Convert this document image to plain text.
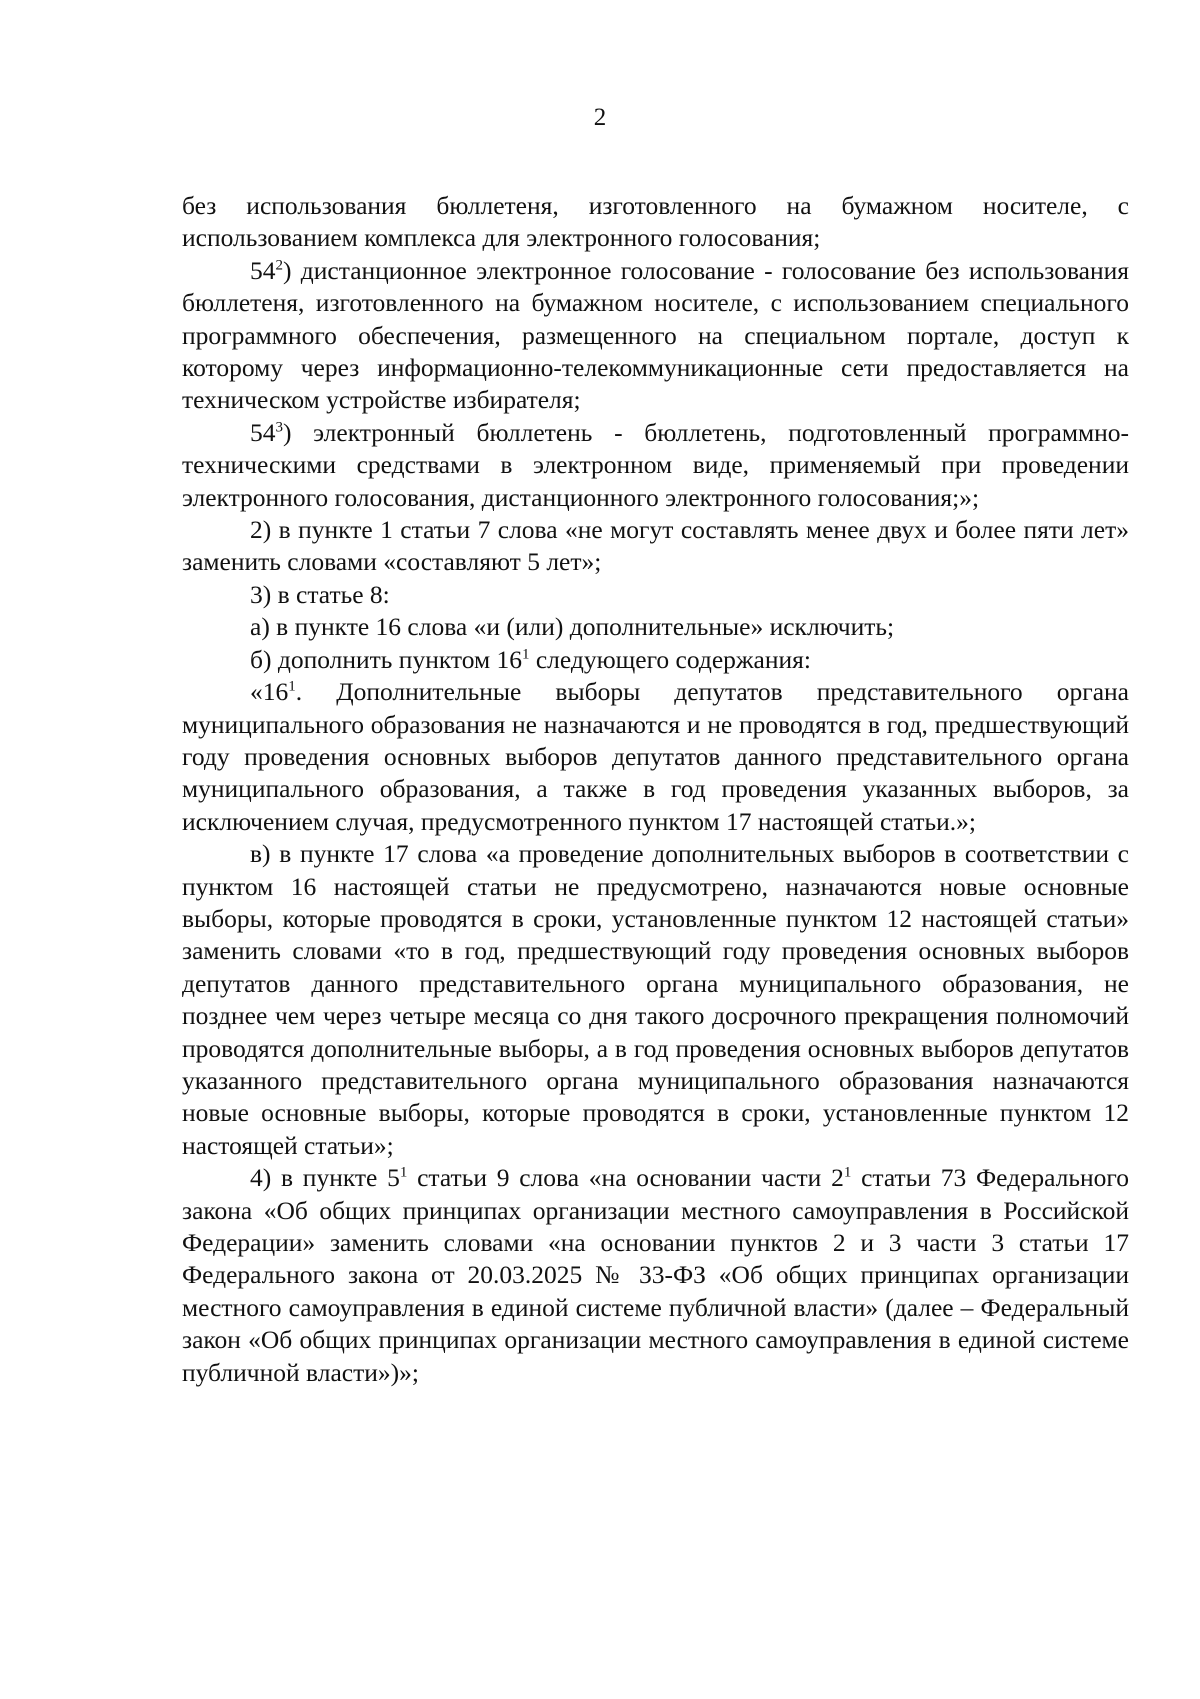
2

без использования бюллетеня, изготовленного на бумажном носителе, с использованием комплекса для электронного голосования;

$54^2$) дистанционное электронное голосование - голосование без использования бюллетеня, изготовленного на бумажном носителе, с использованием специального программного обеспечения, размещенного на специальном портале, доступ к которому через информационно-телекоммуникационные сети предоставляется на техническом устройстве избирателя;

$54^3$) электронный бюллетень - бюллетень, подготовленный программно-техническими средствами в электронном виде, применяемый при проведении электронного голосования, дистанционного электронного голосования;»;

2) в пункте 1 статьи 7 слова «не могут составлять менее двух и более пяти лет» заменить словами «составляют 5 лет»;

3) в статье 8:

а) в пункте 16 слова «и (или) дополнительные» исключить;

б) дополнить пунктом $16^1$ следующего содержания:

«$16^1$. Дополнительные выборы депутатов представительного органа муниципального образования не назначаются и не проводятся в год, предшествующий году проведения основных выборов депутатов данного представительного органа муниципального образования, а также в год проведения указанных выборов, за исключением случая, предусмотренного пунктом 17 настоящей статьи.»;

в) в пункте 17 слова «а проведение дополнительных выборов в соответствии с пунктом 16 настоящей статьи не предусмотрено, назначаются новые основные выборы, которые проводятся в сроки, установленные пунктом 12 настоящей статьи» заменить словами «то в год, предшествующий году проведения основных выборов депутатов данного представительного органа муниципального образования, не позднее чем через четыре месяца со дня такого досрочного прекращения полномочий проводятся дополнительные выборы, а в год проведения основных выборов депутатов указанного представительного органа муниципального образования назначаются новые основные выборы, которые проводятся в сроки, установленные пунктом 12 настоящей статьи»;

4) в пункте $5^1$ статьи 9 слова «на основании части $2^1$ статьи 73 Федерального закона «Об общих принципах организации местного самоуправления в Российской Федерации» заменить словами «на основании пунктов 2 и 3 части 3 статьи 17 Федерального закона от 20.03.2025 № 33-ФЗ «Об общих принципах организации местного самоуправления в единой системе публичной власти» (далее – Федеральный закон «Об общих принципах организации местного самоуправления в единой системе публичной власти»)»;
